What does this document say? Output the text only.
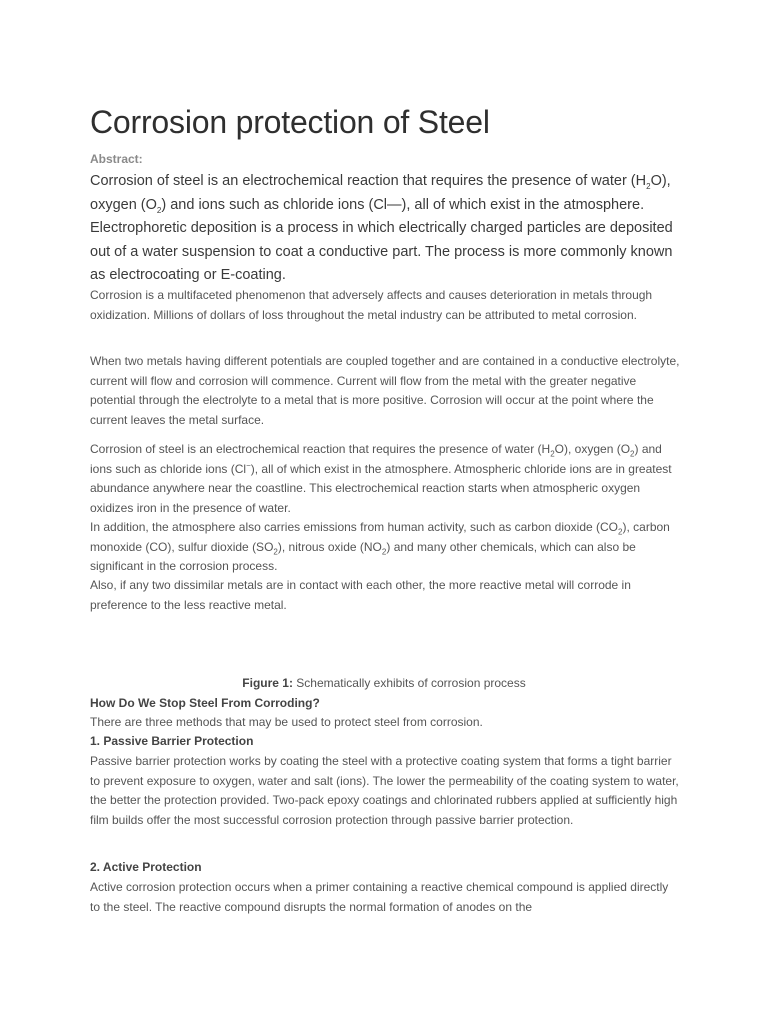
Corrosion protection of Steel
Abstract:

Corrosion of steel is an electrochemical reaction that requires the presence of water $(H_2O)$, oxygen $(O_2)$ and ions such as chloride ions (Cl—), all of which exist in the atmosphere. Electrophoretic deposition is a process in which electrically charged particles are deposited out of a water suspension to coat a conductive part. The process is more commonly known as electrocoating or E-coating.

Corrosion is a multifaceted phenomenon that adversely affects and causes deterioration in metals through oxidization. Millions of dollars of loss throughout the metal industry can be attributed to metal corrosion.

When two metals having different potentials are coupled together and are contained in a conductive electrolyte, current will flow and corrosion will commence. Current will flow from the metal with the greater negative potential through the electrolyte to a metal that is more positive. Corrosion will occur at the point where the current leaves the metal surface.

Corrosion of steel is an electrochemical reaction that requires the presence of water $(H_2O)$, oxygen $(O_2)$ and ions such as chloride ions (Cl−), all of which exist in the atmosphere. Atmospheric chloride ions are in greatest abundance anywhere near the coastline. This electrochemical reaction starts when atmospheric oxygen oxidizes iron in the presence of water.

In addition, the atmosphere also carries emissions from human activity, such as carbon dioxide $(CO_2)$, carbon monoxide (CO), sulfur dioxide $(SO_2)$, nitrous oxide $(NO_2)$ and many other chemicals, which can also be significant in the corrosion process.

Also, if any two dissimilar metals are in contact with each other, the more reactive metal will corrode in preference to the less reactive metal.

Figure 1: Schematically exhibits of corrosion process
How Do We Stop Steel From Corroding?

There are three methods that may be used to protect steel from corrosion.

1. Passive Barrier Protection

Passive barrier protection works by coating the steel with a protective coating system that forms a tight barrier to prevent exposure to oxygen, water and salt (ions). The lower the permeability of the coating system to water, the better the protection provided. Two-pack epoxy coatings and chlorinated rubbers applied at sufficiently high film builds offer the most successful corrosion protection through passive barrier protection.

2. Active Protection

Active corrosion protection occurs when a primer containing a reactive chemical compound is applied directly to the steel. The reactive compound disrupts the normal formation of anodes on the
